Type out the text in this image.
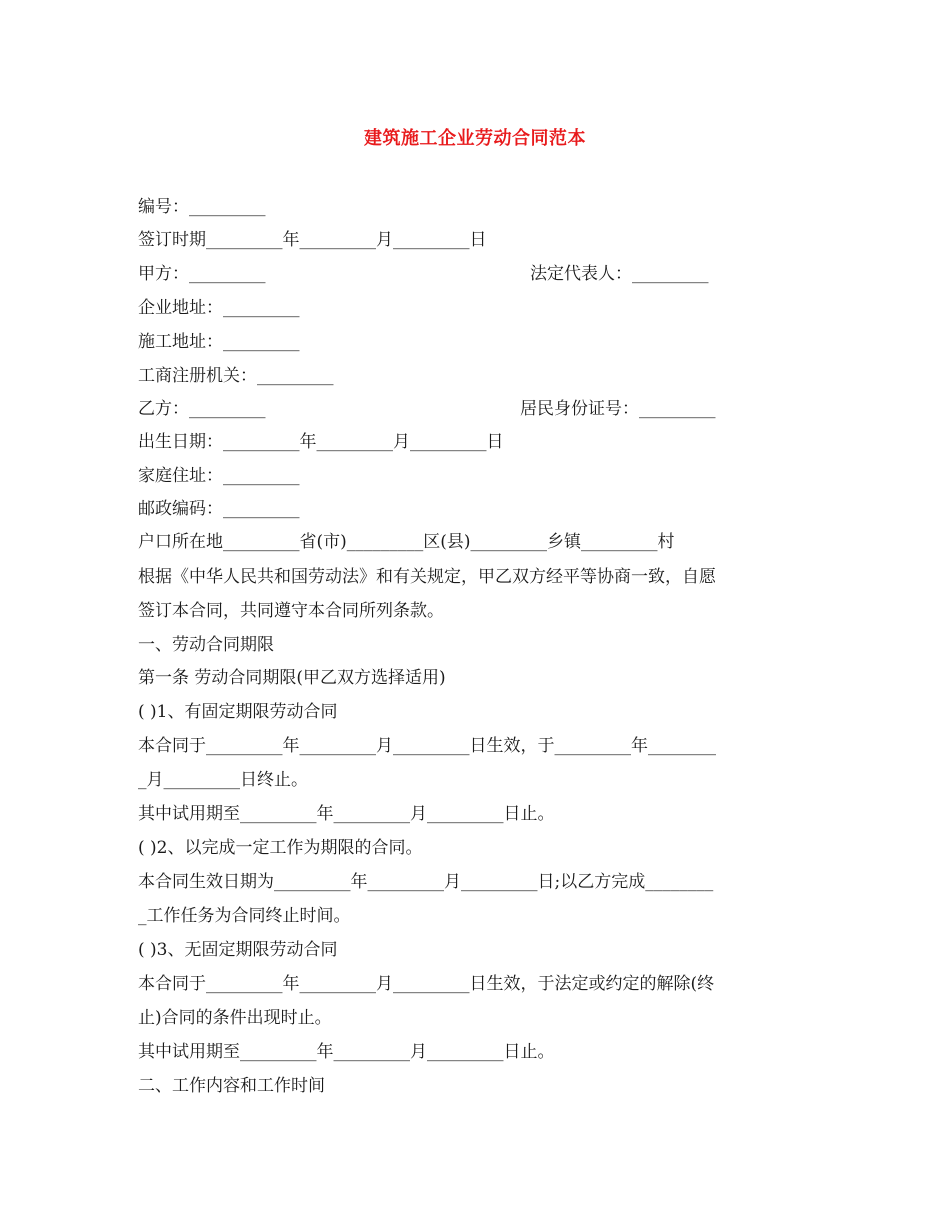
建筑施工企业劳动合同范本
编号：_________
签订时期_________年_________月_________日
甲方：_________	法定代表人：_________
企业地址：_________
施工地址：_________
工商注册机关：_________
乙方：_________	居民身份证号：_________
出生日期：_________年_________月_________日
家庭住址：_________
邮政编码：_________
户口所在地_________省(市)_________区(县)_________乡镇_________村
根据《中华人民共和国劳动法》和有关规定，甲乙双方经平等协商一致，自愿
签订本合同，共同遵守本合同所列条款。
一、劳动合同期限
第一条 劳动合同期限(甲乙双方选择适用)
( )1、有固定期限劳动合同
本合同于_________年_________月_________日生效，于_________年________
_月_________日终止。
其中试用期至_________年_________月_________日止。
( )2、以完成一定工作为期限的合同。
本合同生效日期为_________年_________月_________日;以乙方完成________
_工作任务为合同终止时间。
( )3、无固定期限劳动合同
本合同于_________年_________月_________日生效，于法定或约定的解除(终
止)合同的条件出现时止。
其中试用期至_________年_________月_________日止。
二、工作内容和工作时间
